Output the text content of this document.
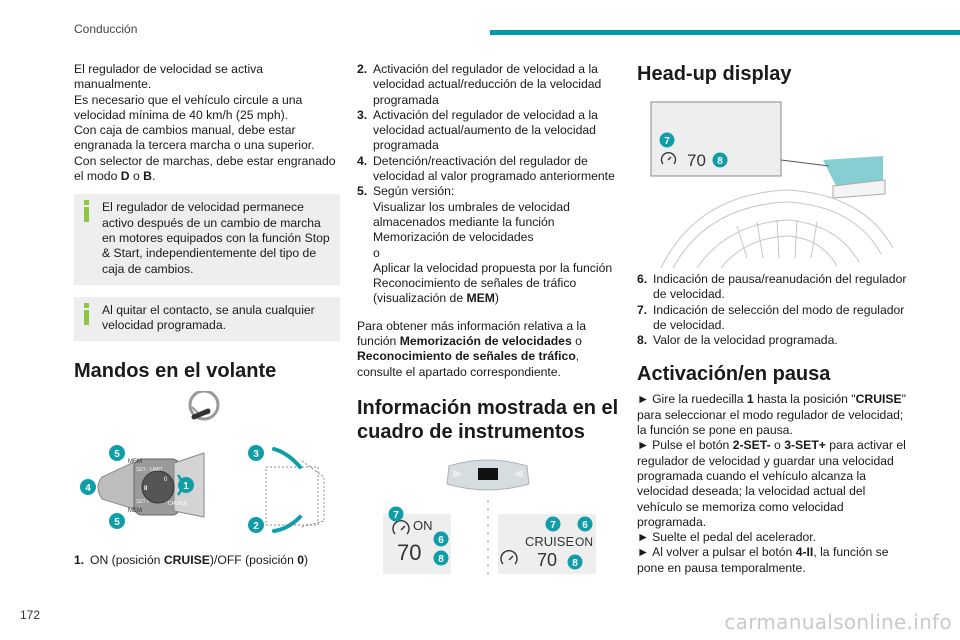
Conducción

El regulador de velocidad se activa manualmente.

Es necesario que el vehículo circule a una velocidad mínima de 40 km/h (25 mph).

Con caja de cambios manual, debe estar engranada la tercera marcha o una superior.

Con selector de marchas, debe estar engranado el modo D o B.

El regulador de velocidad permanece activo después de un cambio de marcha en motores equipados con la función Stop & Start, independientemente del tipo de caja de cambios.

Al quitar el contacto, se anula cualquier velocidad programada.

Mandos en el volante
MEM
MEM
SET-
SET+
LIMIT
CRUISE
0
II
5
4
5
1
3
2
1. ON (posición CRUISE)/OFF (posición 0)
2. Activación del regulador de velocidad a la velocidad actual/reducción de la velocidad programada
3. Activación del regulador de velocidad a la velocidad actual/aumento de la velocidad programada
4. Detención/reactivación del regulador de velocidad al valor programado anteriormente
5. Según versión:
Visualizar los umbrales de velocidad almacenados mediante la función Memorización de velocidades
o
Aplicar la velocidad propuesta por la función Reconocimiento de señales de tráfico
(visualización de MEM)

Para obtener más información relativa a la función Memorización de velocidades o Reconocimiento de señales de tráfico, consulte el apartado correspondiente.

Información mostrada en el cuadro de instrumentos
ON
70
7
6
8
CRUISE ON
70
7	6
8
Head-up display
70
7
8
6. Indicación de pausa/reanudación del regulador de velocidad.
7. Indicación de selección del modo de regulador de velocidad.
8. Valor de la velocidad programada.
Activación/en pausa

► Gire la ruedecilla 1 hasta la posición "CRUISE" para seleccionar el modo regulador de velocidad; la función se pone en pausa.

► Pulse el botón 2-SET- o 3-SET+ para activar el regulador de velocidad y guardar una velocidad programada cuando el vehículo alcanza la velocidad deseada; la velocidad actual del vehículo se memoriza como velocidad programada.

► Suelte el pedal del acelerador.

► Al volver a pulsar el botón 4-II, la función se pone en pausa temporalmente.

172	carmanualsonline.info
